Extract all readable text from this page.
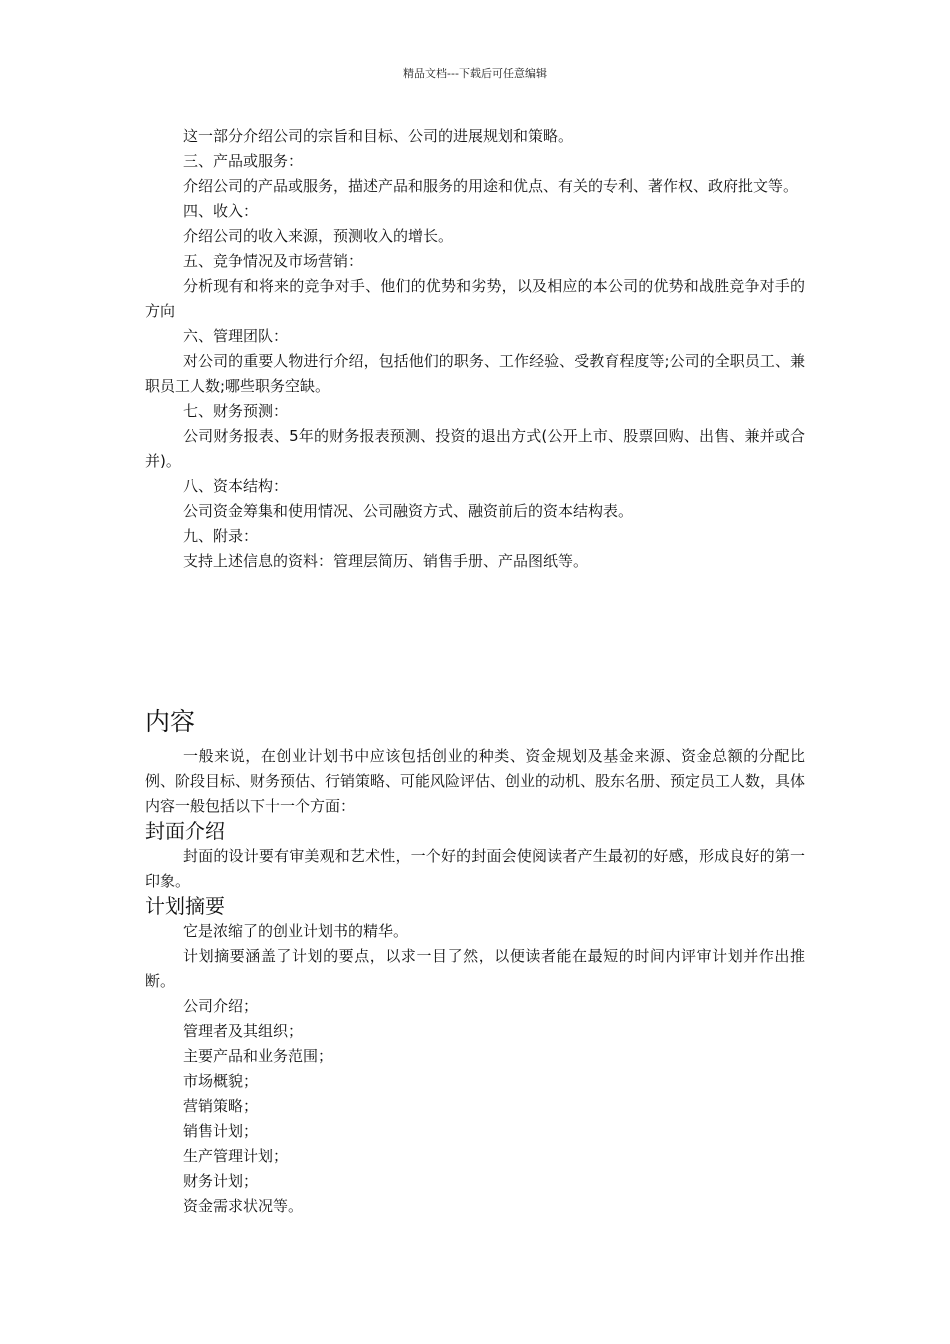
精品文档---下载后可任意编辑

这一部分介绍公司的宗旨和目标、公司的进展规划和策略。

三、产品或服务：

介绍公司的产品或服务，描述产品和服务的用途和优点、有关的专利、著作权、政府批文等。

四、收入：

介绍公司的收入来源，预测收入的增长。

五、竞争情况及市场营销：

分析现有和将来的竞争对手、他们的优势和劣势，以及相应的本公司的优势和战胜竞争对手的方向

六、管理团队：

对公司的重要人物进行介绍，包括他们的职务、工作经验、受教育程度等;公司的全职员工、兼职员工人数;哪些职务空缺。

七、财务预测：

公司财务报表、5年的财务报表预测、投资的退出方式(公开上市、股票回购、出售、兼并或合并)。

八、资本结构：

公司资金筹集和使用情况、公司融资方式、融资前后的资本结构表。

九、附录：

支持上述信息的资料：管理层简历、销售手册、产品图纸等。

内容

一般来说，在创业计划书中应该包括创业的种类、资金规划及基金来源、资金总额的分配比例、阶段目标、财务预估、行销策略、可能风险评估、创业的动机、股东名册、预定员工人数，具体内容一般包括以下十一个方面：

封面介绍

封面的设计要有审美观和艺术性，一个好的封面会使阅读者产生最初的好感，形成良好的第一印象。

计划摘要

它是浓缩了的创业计划书的精华。

计划摘要涵盖了计划的要点，以求一目了然，以便读者能在最短的时间内评审计划并作出推断。

公司介绍；

管理者及其组织；

主要产品和业务范围；

市场概貌；

营销策略；

销售计划；

生产管理计划；

财务计划；

资金需求状况等。
